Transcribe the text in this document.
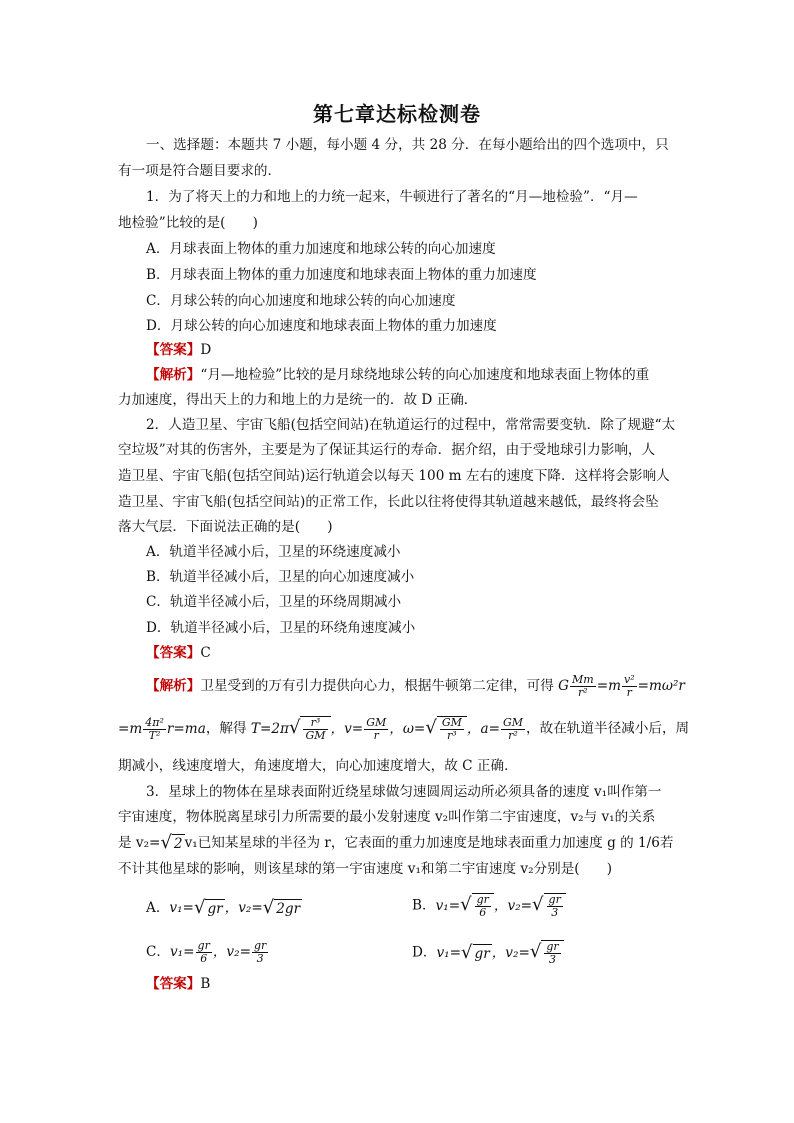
第七章达标检测卷
一、选择题：本题共 7 小题，每小题 4 分，共 28 分．在每小题给出的四个选项中，只
有一项是符合题目要求的．
1．为了将天上的力和地上的力统一起来，牛顿进行了著名的“月—地检验”．“月—
地检验”比较的是(　　)
A．月球表面上物体的重力加速度和地球公转的向心加速度
B．月球表面上物体的重力加速度和地球表面上物体的重力加速度
C．月球公转的向心加速度和地球公转的向心加速度
D．月球公转的向心加速度和地球表面上物体的重力加速度
【答案】D
【解析】“月—地检验”比较的是月球绕地球公转的向心加速度和地球表面上物体的重
力加速度，得出天上的力和地上的力是统一的．故 D 正确．
2．人造卫星、宇宙飞船(包括空间站)在轨道运行的过程中，常常需要变轨．除了规避“太
空垃圾”对其的伤害外，主要是为了保证其运行的寿命．据介绍，由于受地球引力影响，人
造卫星、宇宙飞船(包括空间站)运行轨道会以每天 100 m 左右的速度下降．这样将会影响人
造卫星、宇宙飞船(包括空间站)的正常工作，长此以往将使得其轨道越来越低，最终将会坠
落大气层．下面说法正确的是(　　)
A．轨道半径减小后，卫星的环绕速度减小
B．轨道半径减小后，卫星的向心加速度减小
C．轨道半径减小后，卫星的环绕周期减小
D．轨道半径减小后，卫星的环绕角速度减小
【答案】C
【解析】卫星受到的万有引力提供向心力，根据牛顿第二定律，可得 G $\frac{Mm}{\text{r²}} =m \frac{\text{v²}}{r} =m\omega^2r$
$=m \frac{\text{4π²}}{\text{T²}} r=ma$，解得 $T=2\pi√ \frac{\text{r³}}{GM}$ ，$v= \frac{GM}{r}$ ，$\omega=√ \frac{GM}{\text{r³}}$ ，$a= \frac{GM}{\text{r²}}$ ，故在轨道半径减小后，周
期减小，线速度增大，角速度增大，向心加速度增大，故 C 正确．
3．星球上的物体在星球表面附近绕星球做匀速圆周运动所必须具备的速度 v₁叫作第一
宇宙速度，物体脱离星球引力所需要的最小发射速度 v₂叫作第二宇宙速度，v₂与 v₁的关系
是 v₂=√ 2 v₁已知某星球的半径为 r，它表面的重力加速度是地球表面重力加速度 g 的 1/6若
不计其他星球的影响，则该星球的第一宇宙速度 v₁和第二宇宙速度 v₂分别是(　　)
A．v₁=√ gr ，v₂=√ 2gr	B．$v_1=√ \frac{gr}{6}$ ，$v_2=√ \frac{gr}{3}$
C．$v_1= \frac{gr}{6}$ ，$v_2= \frac{gr}{3}$	D．v₁=√ gr ，$v_2=√ \frac{gr}{3}$
【答案】B
